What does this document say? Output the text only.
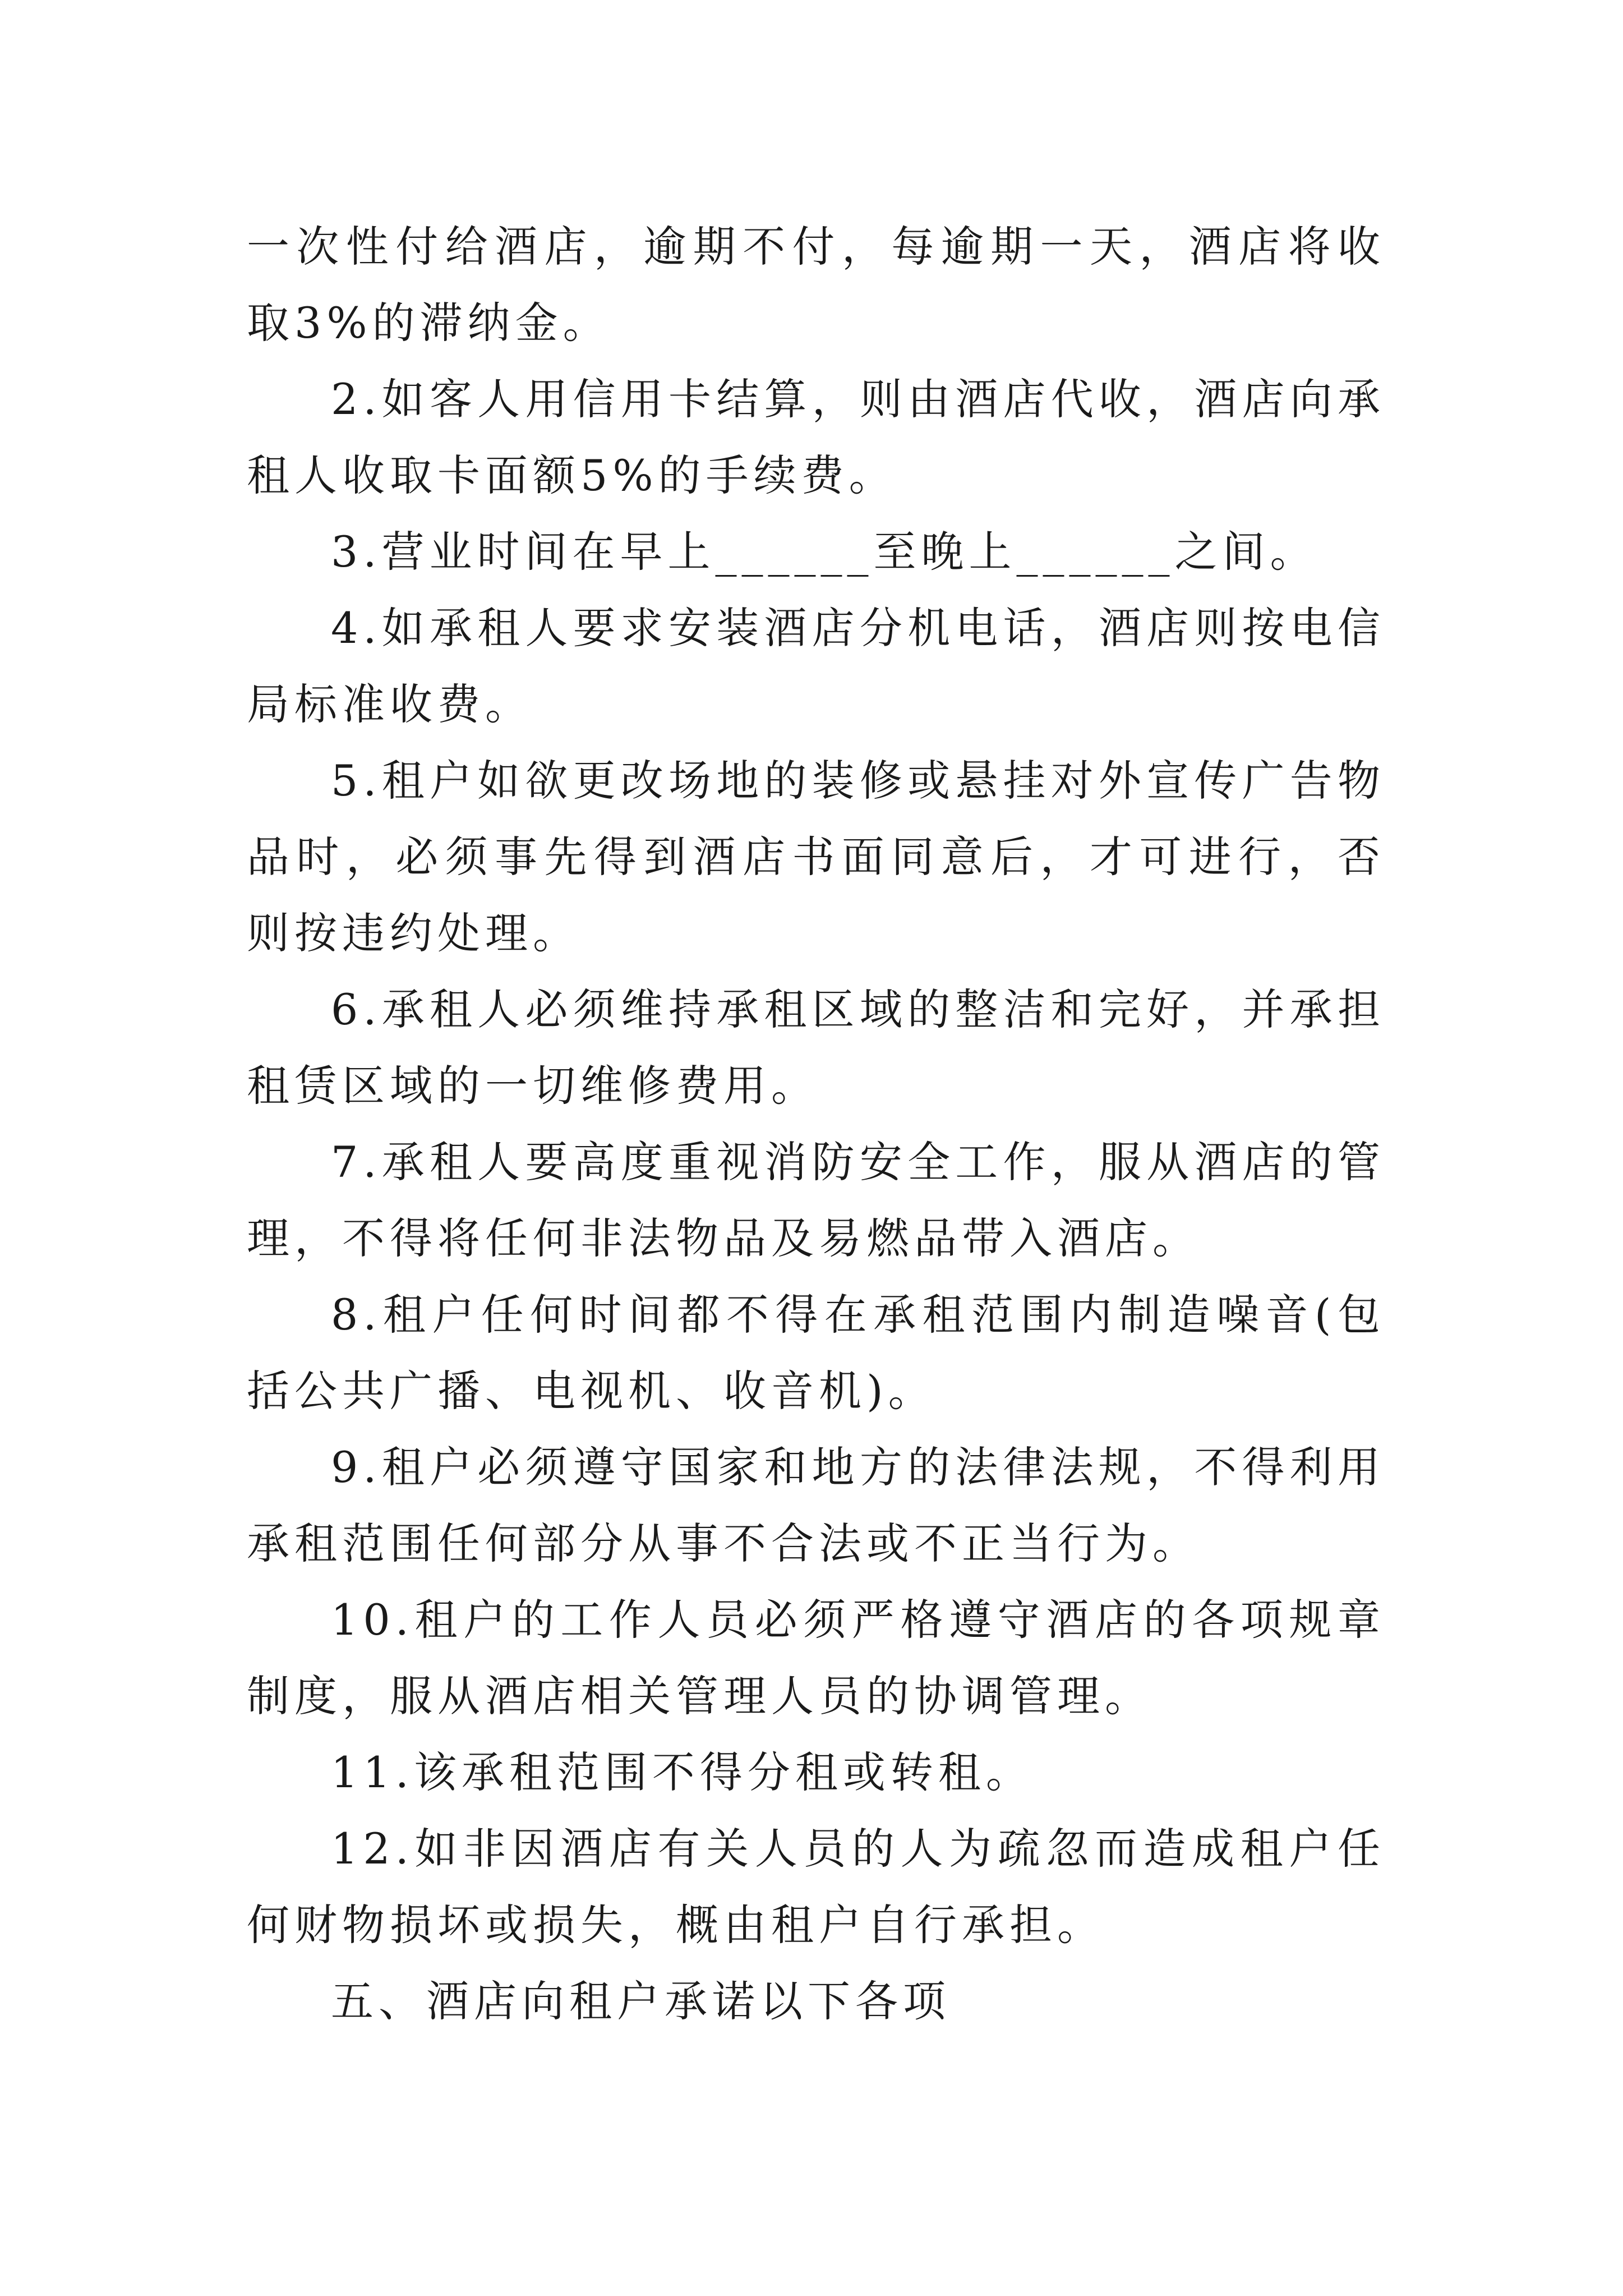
一次性付给酒店，逾期不付，每逾期一天，酒店将收取3%的滞纳金。

2.如客人用信用卡结算，则由酒店代收，酒店向承租人收取卡面额5%的手续费。

3.营业时间在早上______至晚上______之间。

4.如承租人要求安装酒店分机电话，酒店则按电信局标准收费。

5.租户如欲更改场地的装修或悬挂对外宣传广告物品时，必须事先得到酒店书面同意后，才可进行，否则按违约处理。

6.承租人必须维持承租区域的整洁和完好，并承担租赁区域的一切维修费用。

7.承租人要高度重视消防安全工作，服从酒店的管理，不得将任何非法物品及易燃品带入酒店。

8.租户任何时间都不得在承租范围内制造噪音(包括公共广播、电视机、收音机)。

9.租户必须遵守国家和地方的法律法规，不得利用承租范围任何部分从事不合法或不正当行为。

10.租户的工作人员必须严格遵守酒店的各项规章制度，服从酒店相关管理人员的协调管理。

11.该承租范围不得分租或转租。

12.如非因酒店有关人员的人为疏忽而造成租户任何财物损坏或损失，概由租户自行承担。

五、酒店向租户承诺以下各项
